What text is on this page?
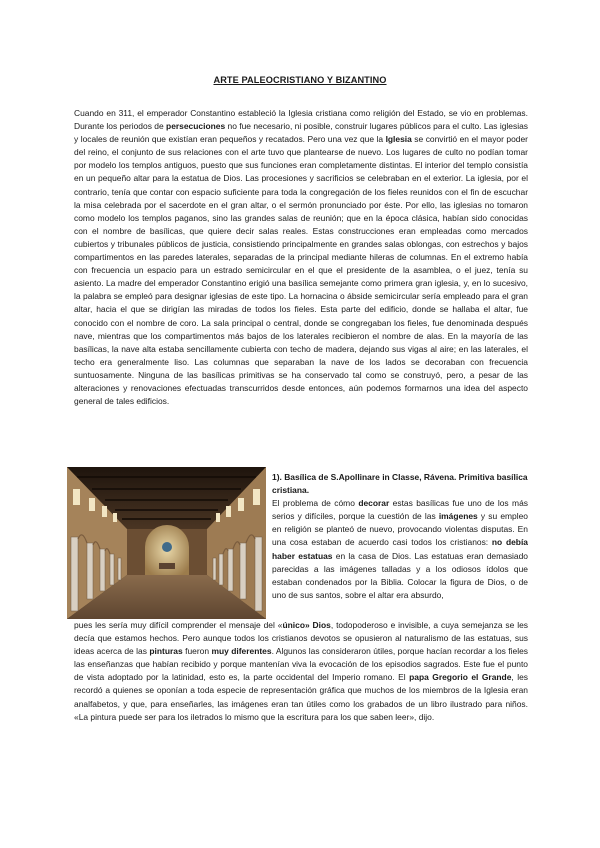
ARTE PALEOCRISTIANO Y BIZANTINO

Cuando en 311, el emperador Constantino estableció la Iglesia cristiana como religión del Estado, se vio en problemas. Durante los periodos de persecuciones no fue necesario, ni posible, construir lugares públicos para el culto. Las iglesias y locales de reunión que existían eran pequeños y recatados. Pero una vez que la Iglesia se convirtió en el mayor poder del reino, el conjunto de sus relaciones con el arte tuvo que plantearse de nuevo. Los lugares de culto no podían tomar por modelo los templos antiguos, puesto que sus funciones eran completamente distintas. El interior del templo consistía en un pequeño altar para la estatua de Dios. Las procesiones y sacrificios se celebraban en el exterior. La iglesia, por el contrario, tenía que contar con espacio suficiente para toda la congregación de los fieles reunidos con el fin de escuchar la misa celebrada por el sacerdote en el gran altar, o el sermón pronunciado por éste. Por ello, las iglesias no tomaron como modelo los templos paganos, sino las grandes salas de reunión; que en la época clásica, habían sido conocidas con el nombre de basílicas, que quiere decir salas reales. Estas construcciones eran empleadas como mercados cubiertos y tribunales públicos de justicia, consistiendo principalmente en grandes salas oblongas, con estrechos y bajos compartimentos en las paredes laterales, separadas de la principal mediante hileras de columnas. En el extremo había con frecuencia un espacio para un estrado semicircular en el que el presidente de la asamblea, o el juez, tenía su asiento. La madre del emperador Constantino erigió una basílica semejante como primera gran iglesia, y, en lo sucesivo, la palabra se empleó para designar iglesias de este tipo. La hornacina o ábside semicircular sería empleado para el gran altar, hacia el que se dirigían las miradas de todos los fieles. Esta parte del edificio, donde se hallaba el altar, fue conocido con el nombre de coro. La sala principal o central, donde se congregaban los fieles, fue denominada después nave, mientras que los compartimentos más bajos de los laterales recibieron el nombre de alas. En la mayoría de las basílicas, la nave alta estaba sencillamente cubierta con techo de madera, dejando sus vigas al aire; en las laterales, el techo era generalmente liso. Las columnas que separaban la nave de los lados se decoraban con frecuencia suntuosamente. Ninguna de las basílicas primitivas se ha conservado tal como se construyó, pero, a pesar de las alteraciones y renovaciones efectuadas transcurridos desde entonces, aún podemos formarnos una idea del aspecto general de tales edificios.

1). Basílica de S.Apollinare in Classe, Rávena. Primitiva basílica cristiana.
El problema de cómo decorar estas basílicas fue uno de los más serios y difíciles, porque la cuestión de las imágenes y su empleo en religión se planteó de nuevo, provocando violentas disputas. En una cosa estaban de acuerdo casi todos los cristianos: no debía haber estatuas en la casa de Dios. Las estatuas eran demasiado parecidas a las imágenes talladas y a los odiosos ídolos que estaban condenados por la Biblia. Colocar la figura de Dios, o de uno de sus santos, sobre el altar era absurdo,

pues les sería muy difícil comprender el mensaje del «único» Dios, todopoderoso e invisible, a cuya semejanza se les decía que estamos hechos. Pero aunque todos los cristianos devotos se opusieron al naturalismo de las estatuas, sus ideas acerca de las pinturas fueron muy diferentes. Algunos las consideraron útiles, porque hacían recordar a los fieles las enseñanzas que habían recibido y porque mantenían viva la evocación de los episodios sagrados. Este fue el punto de vista adoptado por la latinidad, esto es, la parte occidental del Imperio romano. El papa Gregorio el Grande, les recordó a quienes se oponían a toda especie de representación gráfica que muchos de los miembros de la Iglesia eran analfabetos, y que, para enseñarles, las imágenes eran tan útiles como los grabados de un libro ilustrado para niños. «La pintura puede ser para los iletrados lo mismo que la escritura para los que saben leer», dijo.
